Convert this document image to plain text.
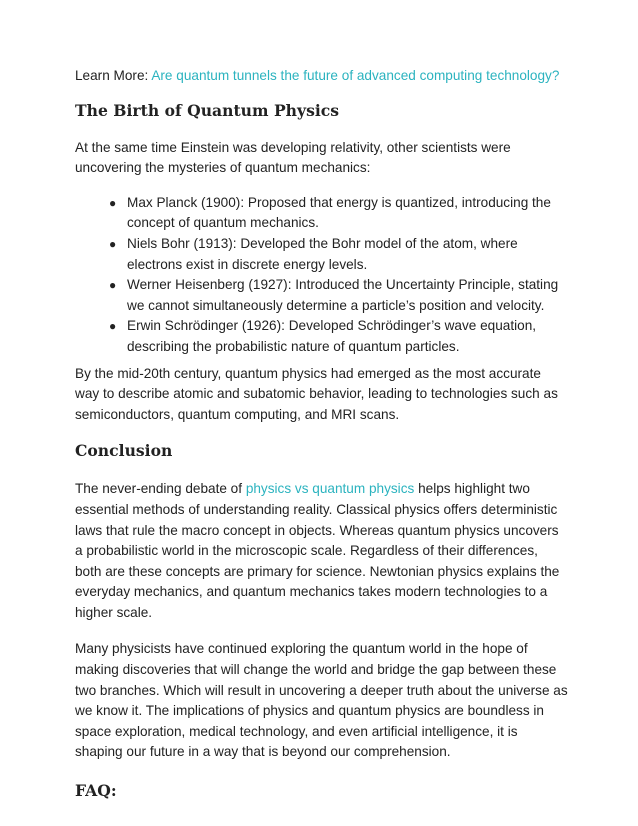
Learn More: Are quantum tunnels the future of advanced computing technology?

The Birth of Quantum Physics

At the same time Einstein was developing relativity, other scientists were uncovering the mysteries of quantum mechanics:

● Max Planck (1900): Proposed that energy is quantized, introducing the concept of quantum mechanics.
● Niels Bohr (1913): Developed the Bohr model of the atom, where electrons exist in discrete energy levels.
● Werner Heisenberg (1927): Introduced the Uncertainty Principle, stating we cannot simultaneously determine a particle’s position and velocity.
● Erwin Schrödinger (1926): Developed Schrödinger’s wave equation, describing the probabilistic nature of quantum particles.

By the mid-20th century, quantum physics had emerged as the most accurate way to describe atomic and subatomic behavior, leading to technologies such as semiconductors, quantum computing, and MRI scans.

Conclusion

The never-ending debate of physics vs quantum physics helps highlight two essential methods of understanding reality. Classical physics offers deterministic laws that rule the macro concept in objects. Whereas quantum physics uncovers a probabilistic world in the microscopic scale. Regardless of their differences, both are these concepts are primary for science. Newtonian physics explains the everyday mechanics, and quantum mechanics takes modern technologies to a higher scale.

Many physicists have continued exploring the quantum world in the hope of making discoveries that will change the world and bridge the gap between these two branches. Which will result in uncovering a deeper truth about the universe as we know it. The implications of physics and quantum physics are boundless in space exploration, medical technology, and even artificial intelligence, it is shaping our future in a way that is beyond our comprehension.

FAQ:
